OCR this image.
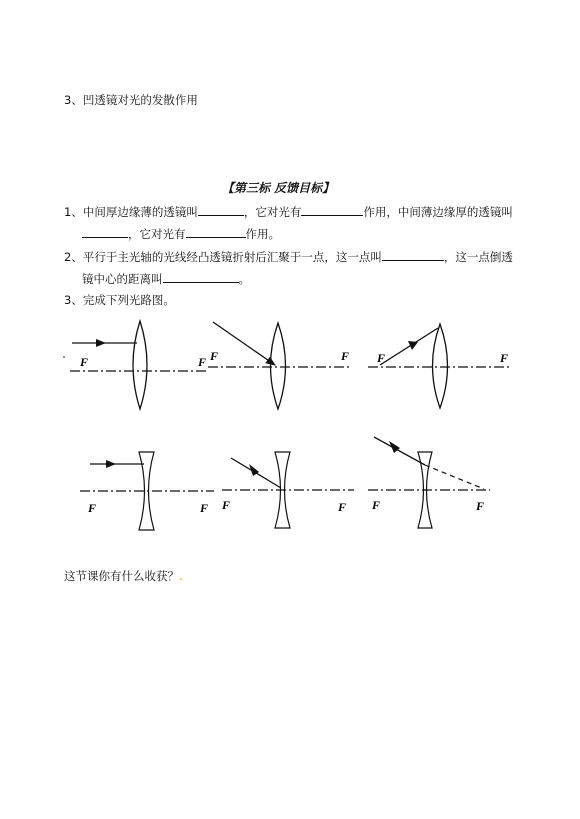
3、凹透镜对光的发散作用
【第三标 反馈目标】
1、中间厚边缘薄的透镜叫	，它对光有	作用，中间薄边缘厚的透镜叫
，它对光有	作用。
2、平行于主光轴的光线经凸透镜折射后汇聚于一点，这一点叫	，这一点倒透
镜中心的距离叫	。
3、完成下列光路图。
F	F F	F F	F
F	F F	F F	F
这节课你有什么收获？.
